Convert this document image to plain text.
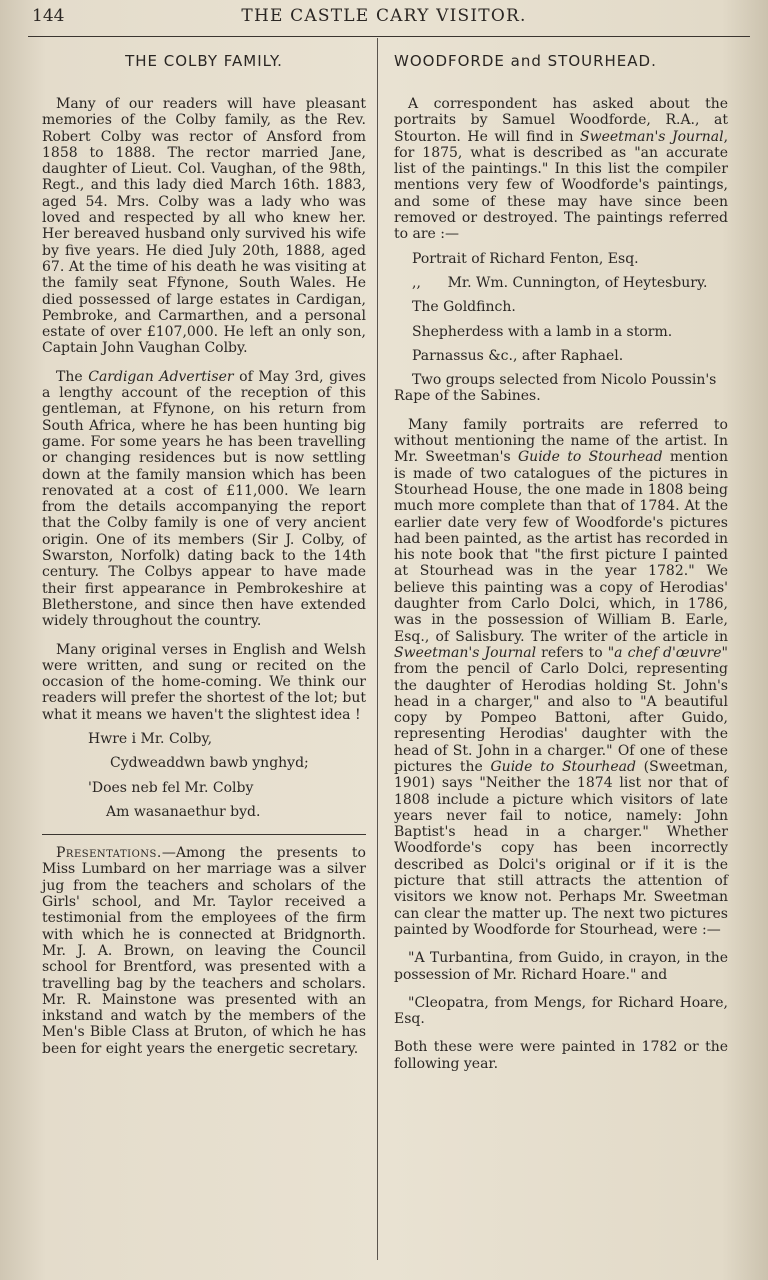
144	THE CASTLE CARY VISITOR.
THE COLBY FAMILY.

Many of our readers will have pleasant memories of the Colby family, as the Rev. Robert Colby was rector of Ansford from 1858 to 1888. The rector married Jane, daughter of Lieut. Col. Vaughan, of the 98th, Regt., and this lady died March 16th. 1883, aged 54. Mrs. Colby was a lady who was loved and respected by all who knew her. Her bereaved husband only survived his wife by five years. He died July 20th, 1888, aged 67. At the time of his death he was visiting at the family seat Ffynone, South Wales. He died possessed of large estates in Cardigan, Pembroke, and Carmarthen, and a personal estate of over £107,000. He left an only son, Captain John Vaughan Colby.

The Cardigan Advertiser of May 3rd, gives a lengthy account of the reception of this gentleman, at Ffynone, on his return from South Africa, where he has been hunting big game. For some years he has been travelling or changing residences but is now settling down at the family mansion which has been renovated at a cost of £11,000. We learn from the details accompanying the report that the Colby family is one of very ancient origin. One of its members (Sir J. Colby, of Swarston, Norfolk) dating back to the 14th century. The Colbys appear to have made their first appearance in Pembrokeshire at Bletherstone, and since then have extended widely throughout the country.

Many original verses in English and Welsh were written, and sung or recited on the occasion of the home-coming. We think our readers will prefer the shortest of the lot; but what it means we haven't the slightest idea !

Hwre i Mr. Colby,
Cydweaddwn bawb ynghyd;
'Does neb fel Mr. Colby
Am wasanaethur byd.

Presentations.—Among the presents to Miss Lumbard on her marriage was a silver jug from the teachers and scholars of the Girls' school, and Mr. Taylor received a testimonial from the employees of the firm with which he is connected at Bridgnorth. Mr. J. A. Brown, on leaving the Council school for Brentford, was presented with a travelling bag by the teachers and scholars. Mr. R. Mainstone was presented with an inkstand and watch by the members of the Men's Bible Class at Bruton, of which he has been for eight years the energetic secretary.

WOODFORDE and STOURHEAD.

A correspondent has asked about the portraits by Samuel Woodforde, R.A., at Stourton. He will find in Sweetman's Journal, for 1875, what is described as "an accurate list of the paintings." In this list the compiler mentions very few of Woodforde's paintings, and some of these may have since been removed or destroyed. The paintings referred to are :—

Portrait of Richard Fenton, Esq.
,,      Mr. Wm. Cunnington, of Heytesbury.
The Goldfinch.
Shepherdess with a lamb in a storm.
Parnassus &c., after Raphael.
Two groups selected from Nicolo Poussin's Rape of the Sabines.

Many family portraits are referred to without mentioning the name of the artist. In Mr. Sweetman's Guide to Stourhead mention is made of two catalogues of the pictures in Stourhead House, the one made in 1808 being much more complete than that of 1784. At the earlier date very few of Woodforde's pictures had been painted, as the artist has recorded in his note book that "the first picture I painted at Stourhead was in the year 1782." We believe this painting was a copy of Herodias' daughter from Carlo Dolci, which, in 1786, was in the possession of William B. Earle, Esq., of Salisbury. The writer of the article in Sweetman's Journal refers to "a chef d'œuvre" from the pencil of Carlo Dolci, representing the daughter of Herodias holding St. John's head in a charger," and also to "A beautiful copy by Pompeo Battoni, after Guido, representing Herodias' daughter with the head of St. John in a charger." Of one of these pictures the Guide to Stourhead (Sweetman, 1901) says "Neither the 1874 list nor that of 1808 include a picture which visitors of late years never fail to notice, namely: John Baptist's head in a charger." Whether Woodforde's copy has been incorrectly described as Dolci's original or if it is the picture that still attracts the attention of visitors we know not. Perhaps Mr. Sweetman can clear the matter up. The next two pictures painted by Woodforde for Stourhead, were :—

"A Turbantina, from Guido, in crayon, in the possession of Mr. Richard Hoare." and

"Cleopatra, from Mengs, for Richard Hoare, Esq.

Both these were were painted in 1782 or the following year.
